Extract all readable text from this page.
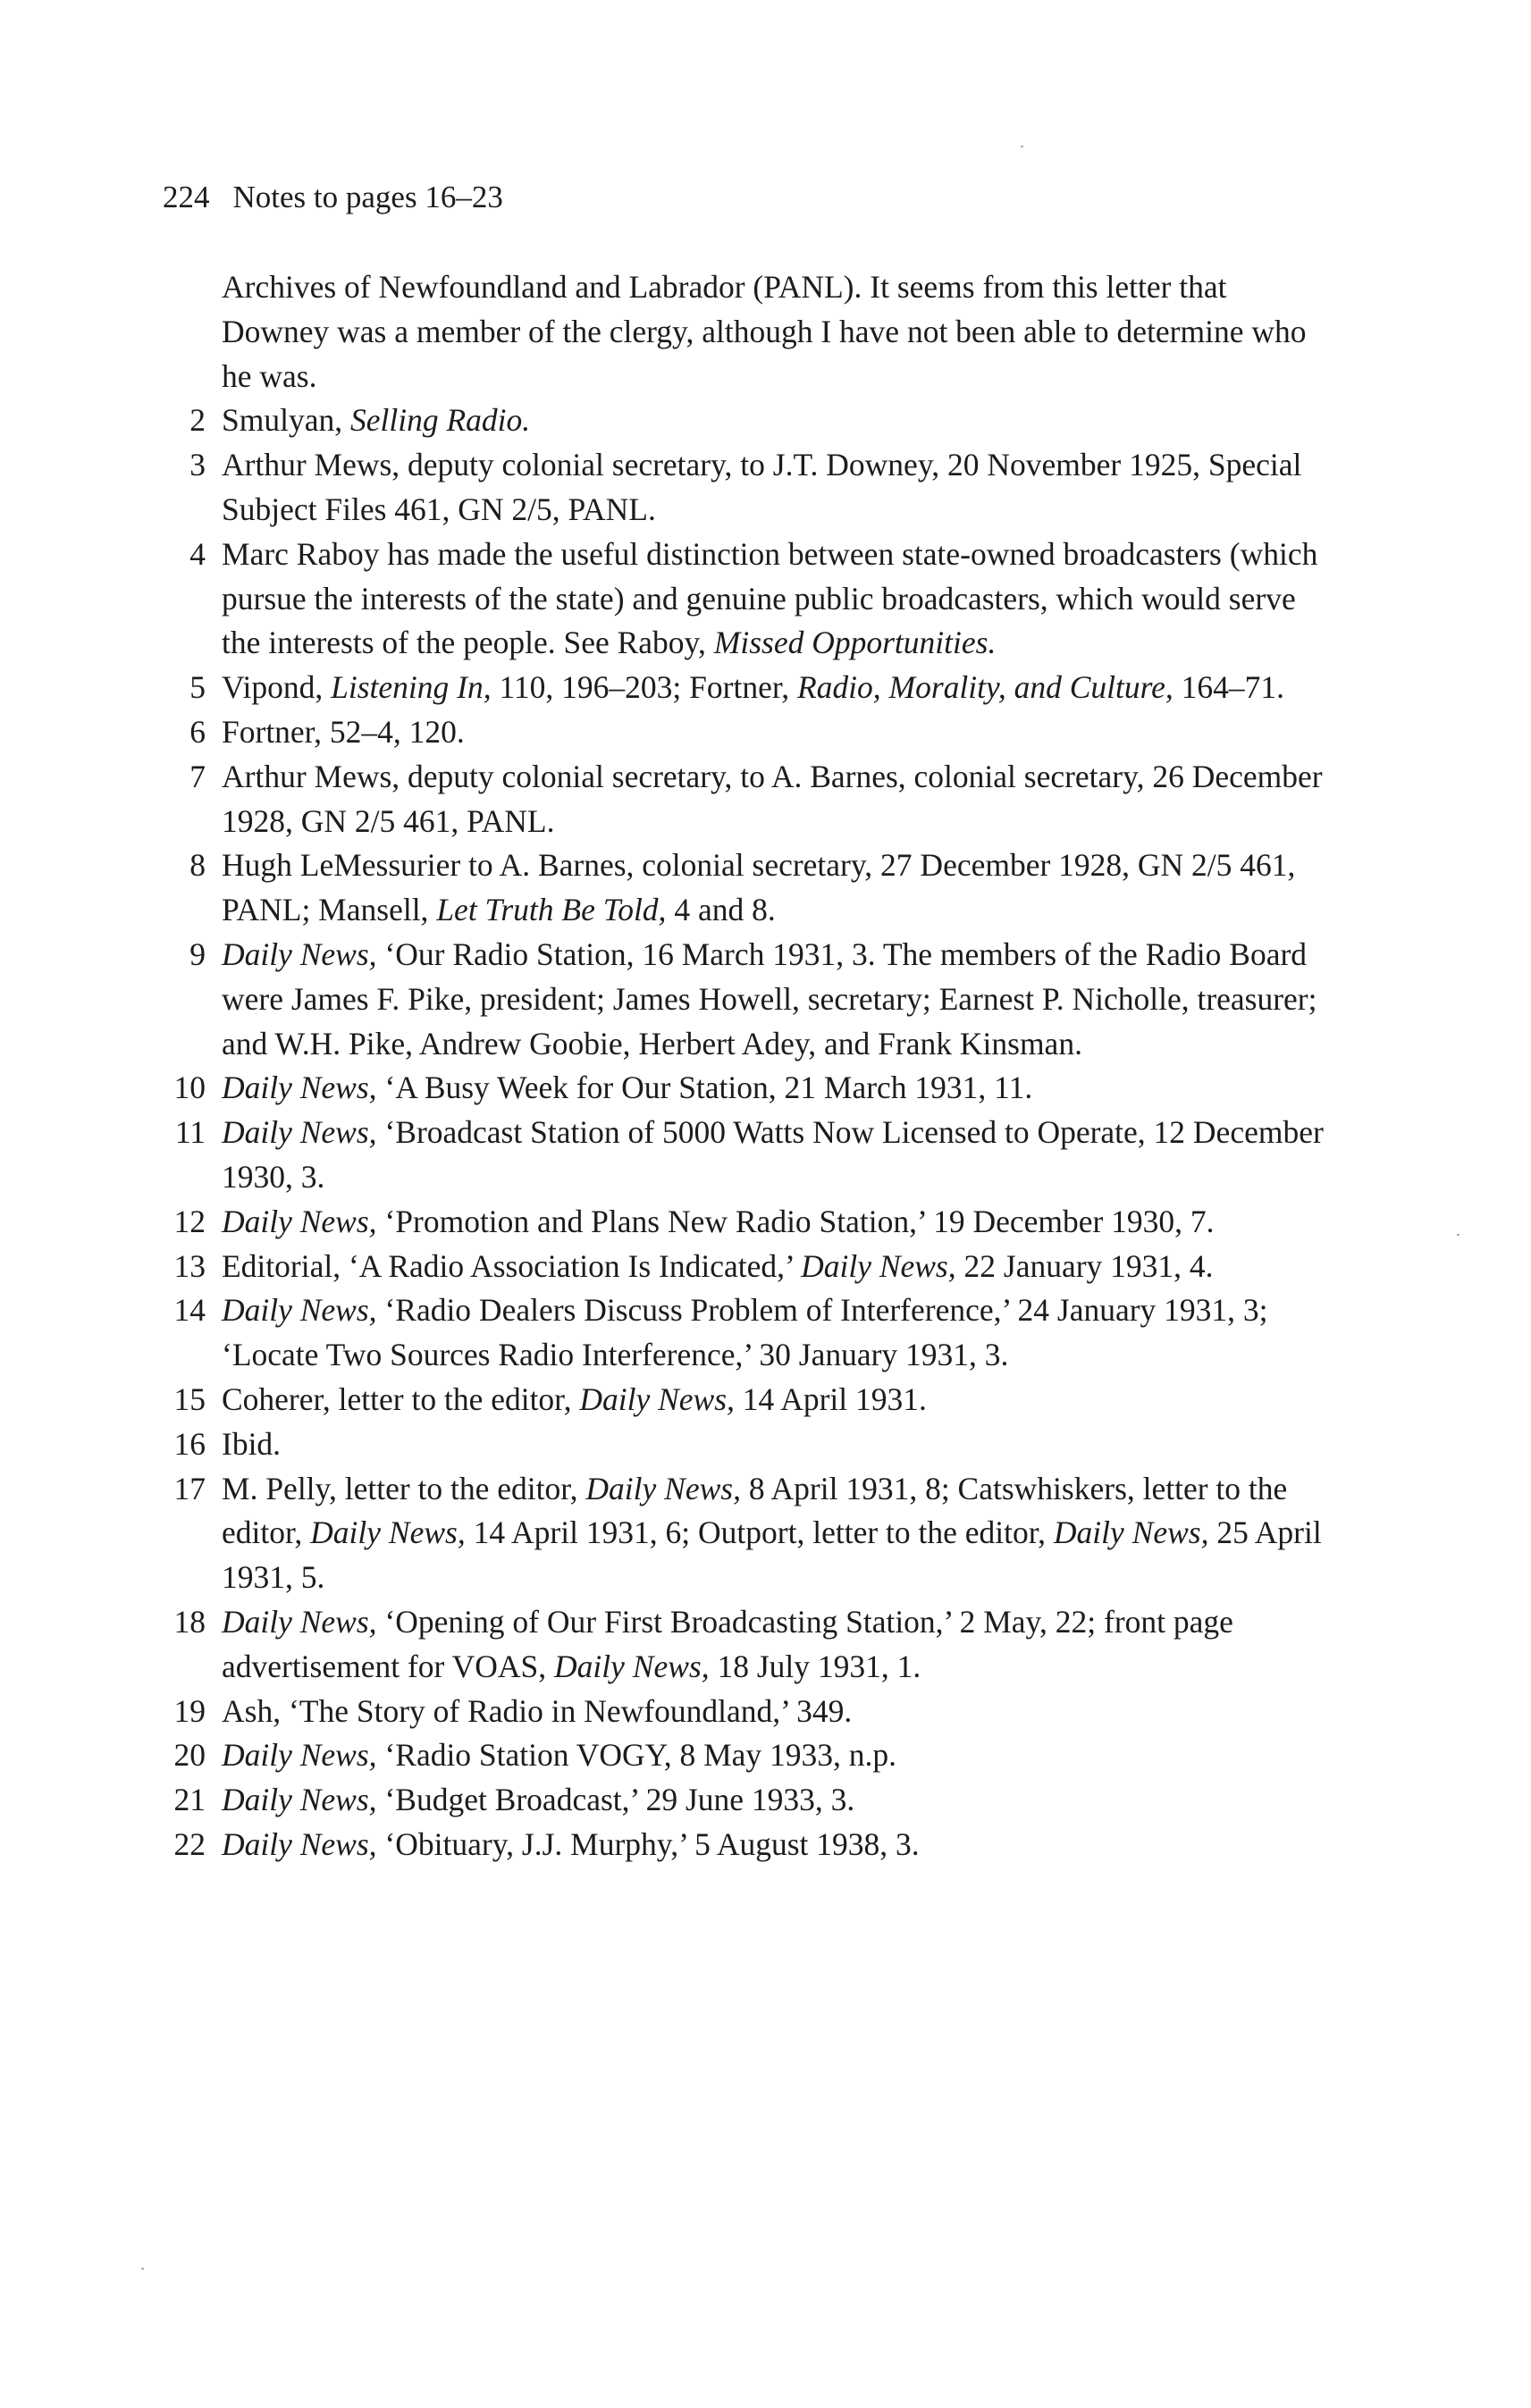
224 Notes to pages 16–23
Archives of Newfoundland and Labrador (PANL). It seems from this letter that Downey was a member of the clergy, although I have not been able to determine who he was.
2 Smulyan, Selling Radio.
3 Arthur Mews, deputy colonial secretary, to J.T. Downey, 20 November 1925, Special Subject Files 461, GN 2/5, PANL.
4 Marc Raboy has made the useful distinction between state-owned broadcasters (which pursue the interests of the state) and genuine public broadcasters, which would serve the interests of the people. See Raboy, Missed Opportunities.
5 Vipond, Listening In, 110, 196–203; Fortner, Radio, Morality, and Culture, 164–71.
6 Fortner, 52–4, 120.
7 Arthur Mews, deputy colonial secretary, to A. Barnes, colonial secretary, 26 December 1928, GN 2/5 461, PANL.
8 Hugh LeMessurier to A. Barnes, colonial secretary, 27 December 1928, GN 2/5 461, PANL; Mansell, Let Truth Be Told, 4 and 8.
9 Daily News, ‘Our Radio Station, 16 March 1931, 3. The members of the Radio Board were James F. Pike, president; James Howell, secretary; Earnest P. Nicholle, treasurer; and W.H. Pike, Andrew Goobie, Herbert Adey, and Frank Kinsman.
10 Daily News, ‘A Busy Week for Our Station, 21 March 1931, 11.
11 Daily News, ‘Broadcast Station of 5000 Watts Now Licensed to Operate, 12 December 1930, 3.
12 Daily News, ‘Promotion and Plans New Radio Station,’ 19 December 1930, 7.
13 Editorial, ‘A Radio Association Is Indicated,’ Daily News, 22 January 1931, 4.
14 Daily News, ‘Radio Dealers Discuss Problem of Interference,’ 24 January 1931, 3; ‘Locate Two Sources Radio Interference,’ 30 January 1931, 3.
15 Coherer, letter to the editor, Daily News, 14 April 1931.
16 Ibid.
17 M. Pelly, letter to the editor, Daily News, 8 April 1931, 8; Catswhiskers, letter to the editor, Daily News, 14 April 1931, 6; Outport, letter to the editor, Daily News, 25 April 1931, 5.
18 Daily News, ‘Opening of Our First Broadcasting Station,’ 2 May, 22; front page advertisement for VOAS, Daily News, 18 July 1931, 1.
19 Ash, ‘The Story of Radio in Newfoundland,’ 349.
20 Daily News, ‘Radio Station VOGY, 8 May 1933, n.p.
21 Daily News, ‘Budget Broadcast,’ 29 June 1933, 3.
22 Daily News, ‘Obituary, J.J. Murphy,’ 5 August 1938, 3.
